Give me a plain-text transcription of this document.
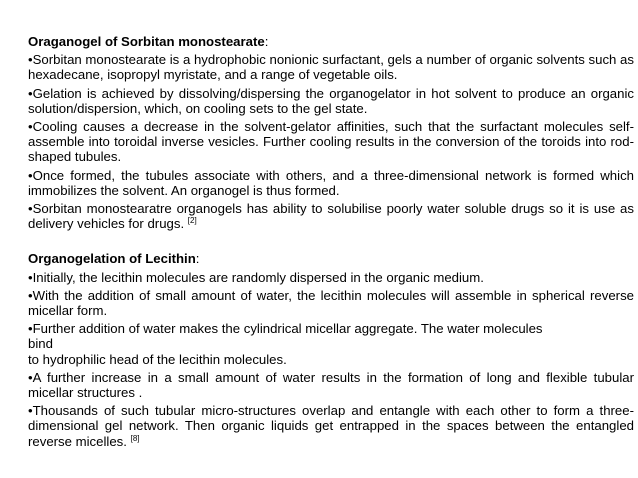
Oraganogel of Sorbitan monostearate:

•Sorbitan monostearate is a hydrophobic nonionic surfactant, gels a number of organic solvents such as hexadecane, isopropyl myristate, and a range of vegetable oils.

•Gelation is achieved by dissolving/dispersing the organogelator in hot solvent to produce an organic solution/dispersion, which, on cooling sets to the gel state.

•Cooling causes a decrease in the solvent-gelator affinities, such that the surfactant molecules self-assemble into toroidal inverse vesicles. Further cooling results in the conversion of the toroids into rod-shaped tubules.

•Once formed, the tubules associate with others, and a three-dimensional network is formed which immobilizes the solvent. An organogel is thus formed.

•Sorbitan monostearatre organogels has ability to solubilise poorly water soluble drugs so it is use as delivery vehicles for drugs. [2]

Organogelation of Lecithin:

•Initially, the lecithin molecules are randomly dispersed in the organic medium.

•With the addition of small amount of water, the lecithin molecules will assemble in spherical reverse micellar form.

•Further addition of water makes the cylindrical micellar aggregate. The water molecules

bind

to hydrophilic head of the lecithin molecules.

•A further increase in a small amount of water results in the formation of long and flexible tubular micellar structures .

•Thousands of such tubular micro-structures overlap and entangle with each other to form a three-dimensional gel network. Then organic liquids get entrapped in the spaces between the entangled reverse micelles. [8]
